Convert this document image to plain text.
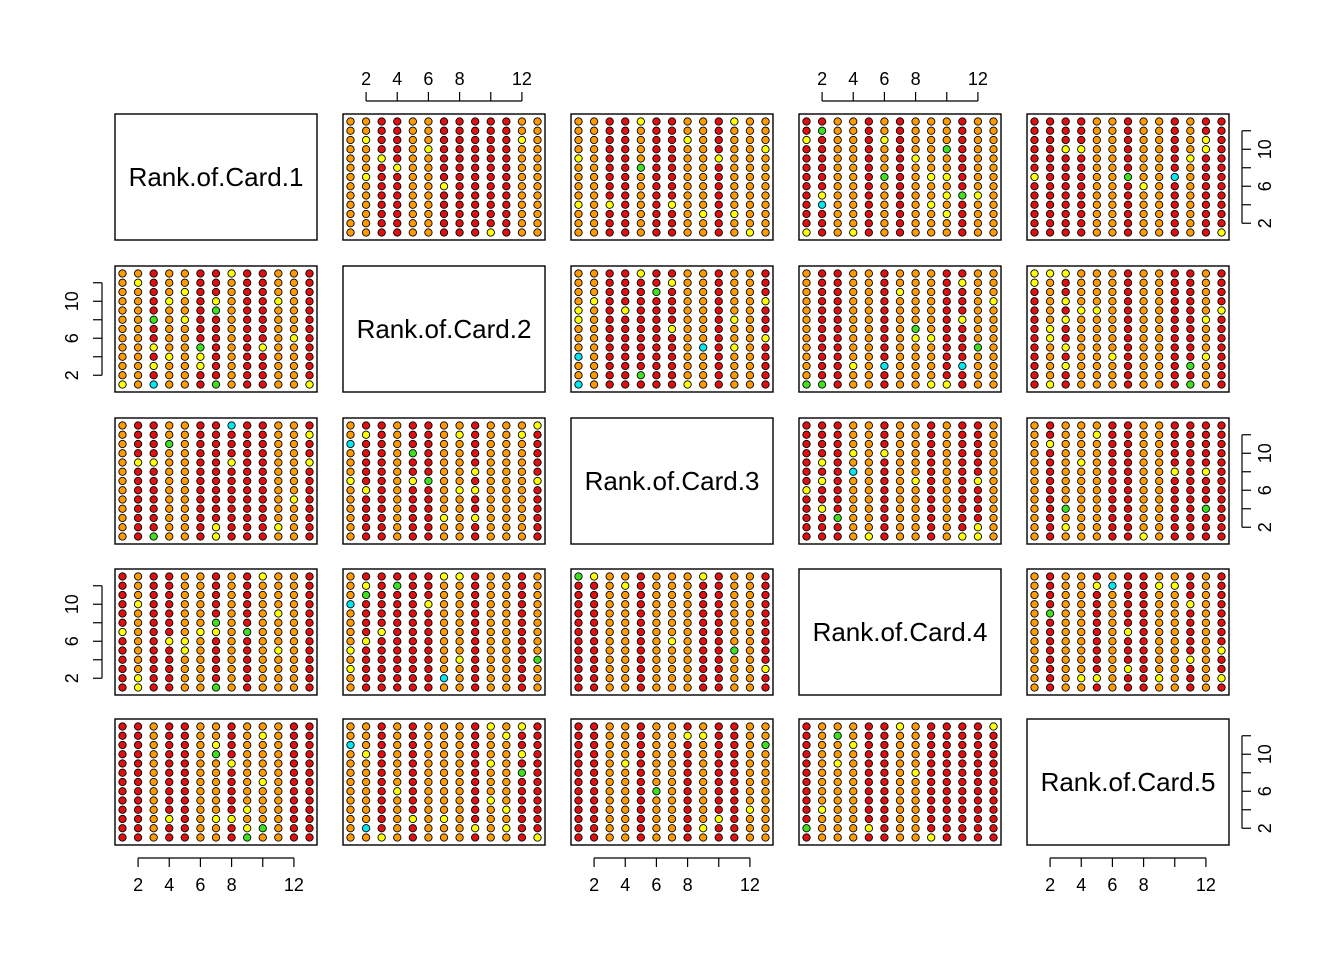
Rank.of.Card.1
Rank.of.Card.2
Rank.of.Card.3
Rank.of.Card.4
Rank.of.Card.5
2 4 6 8	12
2 4 6 8	12
2 4 6 8	12
2 4 6 8	12
2 4 6 8	12
2
6
10
2
6
10
2
6
10
2
6
10
2
6
10
